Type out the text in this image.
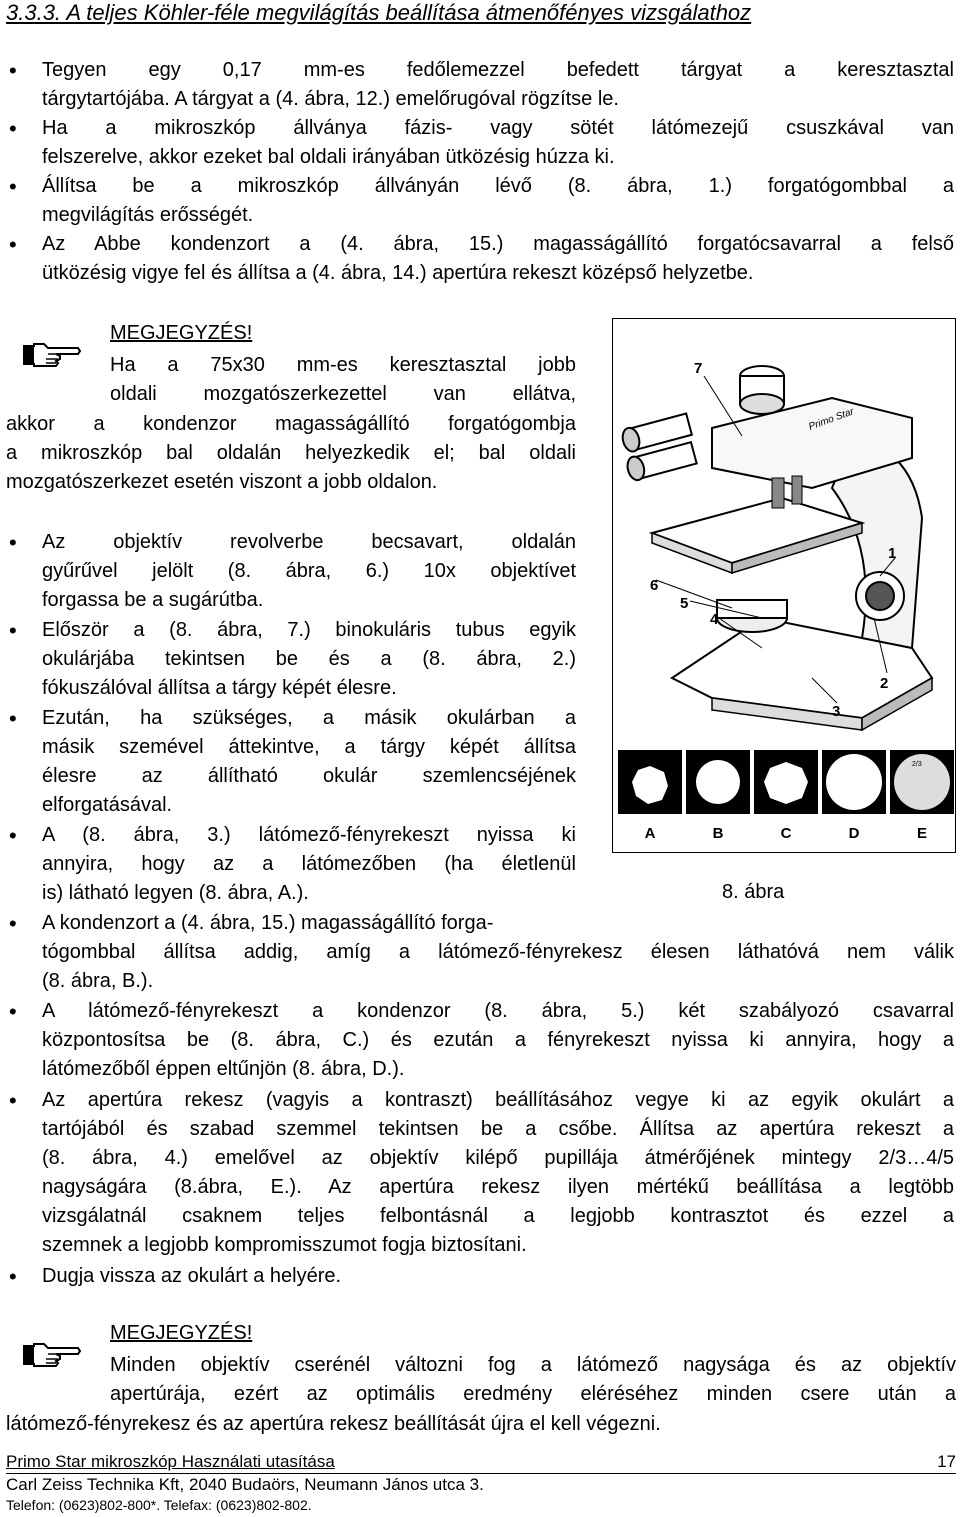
3.3.3. A teljes Köhler-féle megvilágítás beállítása átmenőfényes vizsgálathoz
• Tegyen egy 0,17 mm-es fedőlemezzel befedett tárgyat a keresztasztal
tárgytartójába. A tárgyat a (4. ábra, 12.) emelőrugóval rögzítse le.
• Ha a mikroszkóp állványa fázis- vagy sötét látómezejű csuszkával van
felszerelve, akkor ezeket bal oldali irányában ütközésig húzza ki.
• Állítsa be a mikroszkóp állványán lévő (8. ábra, 1.) forgatógombbal a
megvilágítás erősségét.
• Az Abbe kondenzort a (4. ábra, 15.) magasságállító forgatócsavarral a felső
ütközésig vigye fel és állítsa a (4. ábra, 14.) apertúra rekeszt középső helyzetbe.
MEGJEGYZÉS!
Ha a 75x30 mm-es keresztasztal jobb
oldali mozgatószerkezettel van ellátva,
akkor a kondenzor magasságállító forgatógombja
a mikroszkóp bal oldalán helyezkedik el; bal oldali
mozgatószerkezet esetén viszont a jobb oldalon.
• Az objektív revolverbe becsavart, oldalán
gyűrűvel jelölt (8. ábra, 6.) 10x objektívet
forgassa be a sugárútba.
• Először a (8. ábra, 7.) binokuláris tubus egyik
okulárjába tekintsen be és a (8. ábra, 2.)
fókuszálóval állítsa a tárgy képét élesre.
• Ezután, ha szükséges, a másik okulárban a
másik szemével áttekintve, a tárgy képét állítsa
élesre az állítható okulár szemlencséjének
elforgatásával.
• A (8. ábra, 3.) látómező-fényrekeszt nyissa ki
annyira, hogy az a látómezőben (ha életlenül
is) látható legyen (8. ábra, A.).
• A kondenzort a (4. ábra, 15.) magasságállító forga-
tógombbal állítsa addig, amíg a látómező-fényrekesz élesen láthatóvá nem válik
(8. ábra, B.).
• A látómező-fényrekeszt a kondenzor (8. ábra, 5.) két szabályozó csavarral
központosítsa be (8. ábra, C.) és ezután a fényrekeszt nyissa ki annyira, hogy a
látómezőből éppen eltűnjön (8. ábra, D.).
• Az apertúra rekesz (vagyis a kontraszt) beállításához vegye ki az egyik okulárt a
tartójából és szabad szemmel tekintsen be a csőbe. Állítsa az apertúra rekeszt a
(8. ábra, 4.) emelővel az objektív kilépő pupillája átmérőjének mintegy 2/3…4/5
nagyságára (8.ábra, E.). Az apertúra rekesz ilyen mértékű beállítása a legtöbb
vizsgálatnál csaknem teljes felbontásnál a legjobb kontrasztot és ezzel a
szemnek a legjobb kompromisszumot fogja biztosítani.
• Dugja vissza az okulárt a helyére.
MEGJEGYZÉS!
Minden objektív cserénél változni fog a látómező nagysága és az objektív
apertúrája, ezért az optimális eredmény eléréséhez minden csere után a
látómező-fényrekesz és az apertúra rekesz beállítását újra el kell végezni.
Primo Star
7
6
5
4
1
2
3
2/3
A	B	C	D	E
8. ábra
Primo Star mikroszkóp Használati utasítása	17
Carl Zeiss Technika Kft, 2040 Budaörs, Neumann János utca 3.
Telefon: (0623)802-800*. Telefax: (0623)802-802.
